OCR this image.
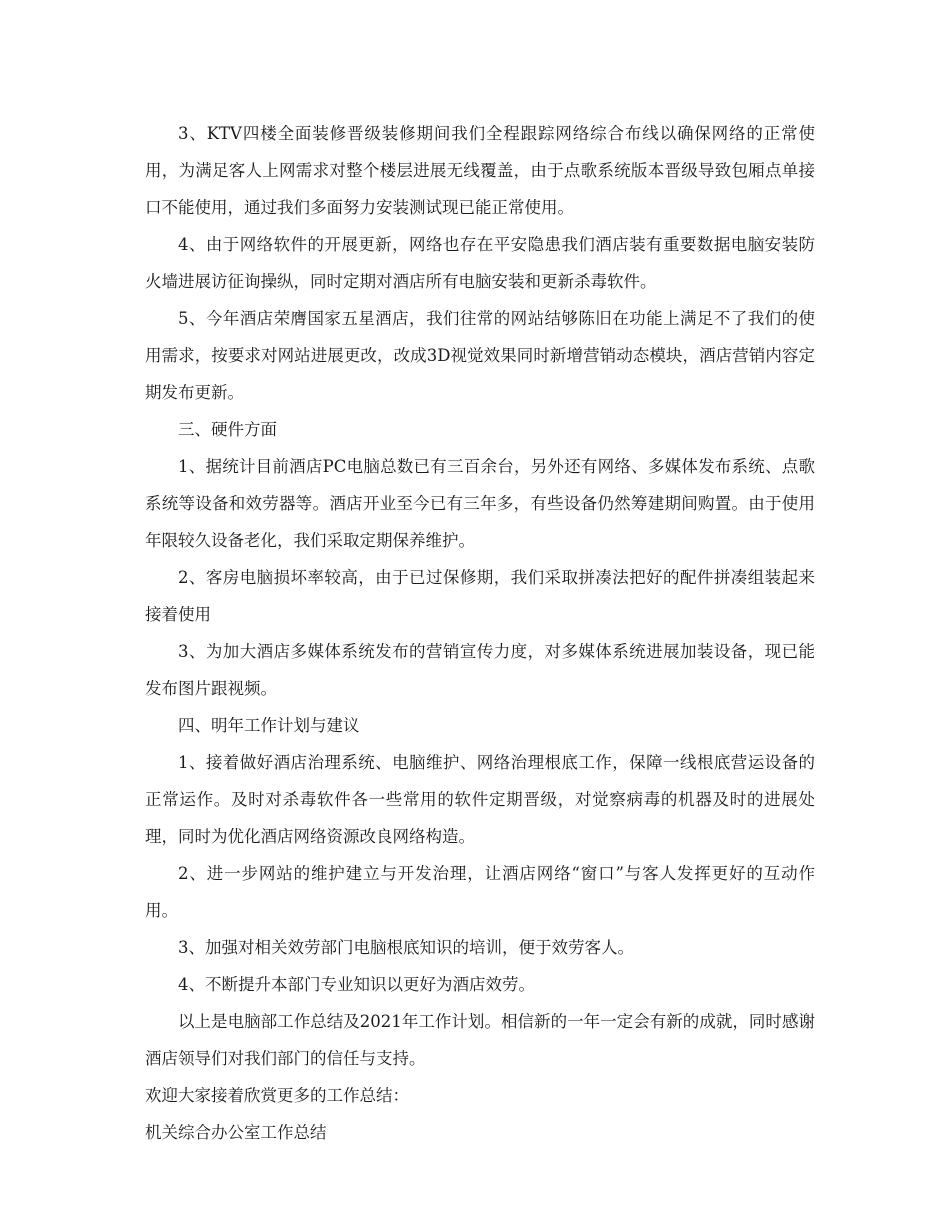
3、KTV四楼全面装修晋级装修期间我们全程跟踪网络综合布线以确保网络的正常使用，为满足客人上网需求对整个楼层进展无线覆盖，由于点歌系统版本晋级导致包厢点单接口不能使用，通过我们多面努力安装测试现已能正常使用。

4、由于网络软件的开展更新，网络也存在平安隐患我们酒店装有重要数据电脑安装防火墙进展访征询操纵，同时定期对酒店所有电脑安装和更新杀毒软件。

5、今年酒店荣膺国家五星酒店，我们往常的网站结够陈旧在功能上满足不了我们的使用需求，按要求对网站进展更改，改成3D视觉效果同时新增营销动态模块，酒店营销内容定期发布更新。

三、硬件方面

1、据统计目前酒店PC电脑总数已有三百余台，另外还有网络、多媒体发布系统、点歌系统等设备和效劳器等。酒店开业至今已有三年多，有些设备仍然筹建期间购置。由于使用年限较久设备老化，我们采取定期保养维护。

2、客房电脑损坏率较高，由于已过保修期，我们采取拼凑法把好的配件拼凑组装起来接着使用

3、为加大酒店多媒体系统发布的营销宣传力度，对多媒体系统进展加装设备，现已能发布图片跟视频。

四、明年工作计划与建议

1、接着做好酒店治理系统、电脑维护、网络治理根底工作，保障一线根底营运设备的正常运作。及时对杀毒软件各一些常用的软件定期晋级，对觉察病毒的机器及时的进展处理，同时为优化酒店网络资源改良网络构造。

2、进一步网站的维护建立与开发治理，让酒店网络“窗口”与客人发挥更好的互动作用。

3、加强对相关效劳部门电脑根底知识的培训，便于效劳客人。

4、不断提升本部门专业知识以更好为酒店效劳。

以上是电脑部工作总结及2021年工作计划。相信新的一年一定会有新的成就，同时感谢酒店领导们对我们部门的信任与支持。

欢迎大家接着欣赏更多的工作总结：

机关综合办公室工作总结
